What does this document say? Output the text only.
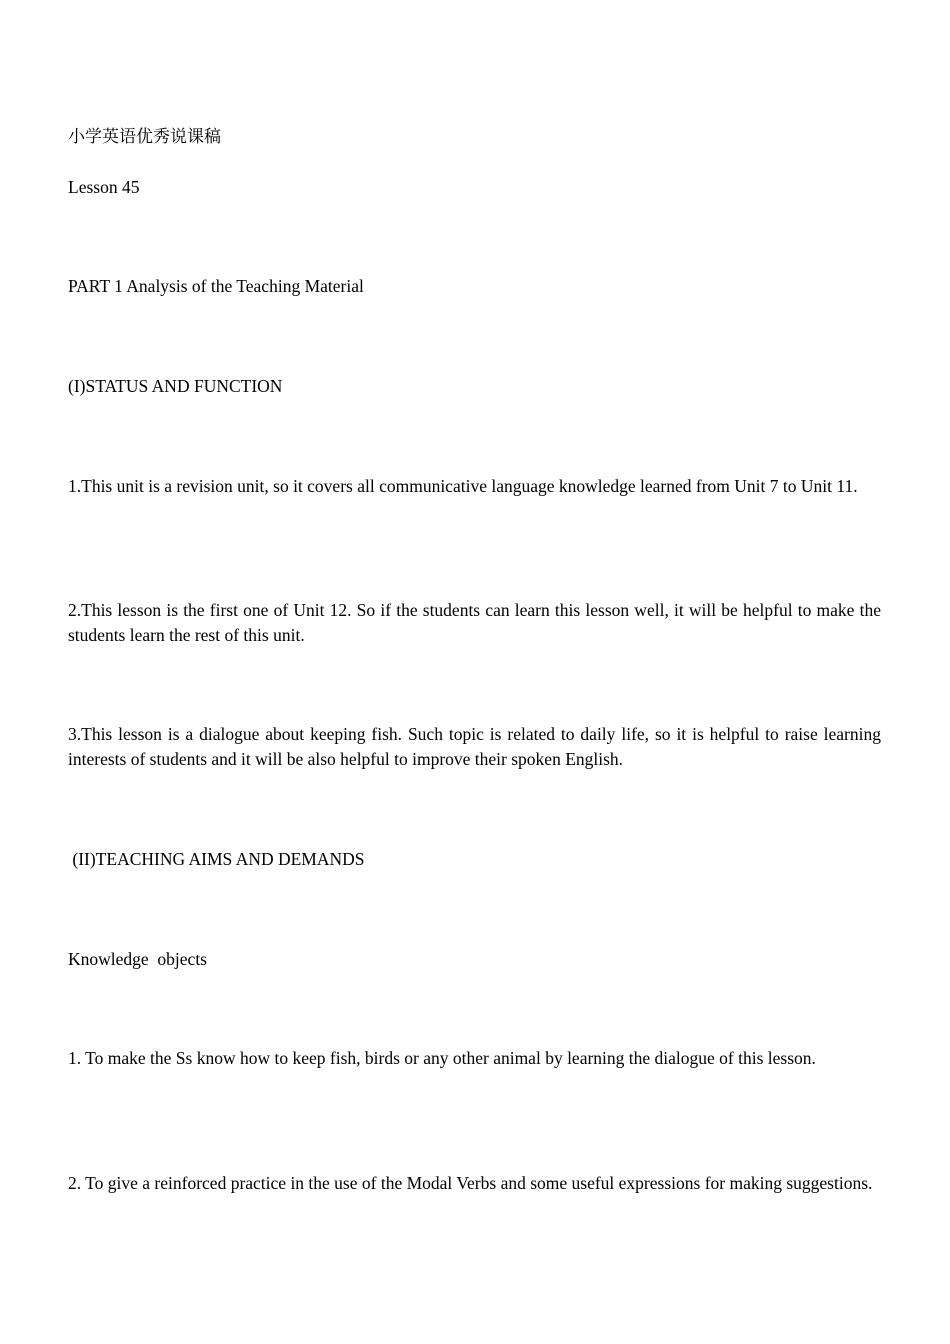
小学英语优秀说课稿

Lesson 45

PART 1 Analysis of the Teaching Material

(I)STATUS AND FUNCTION

1.This unit is a revision unit, so it covers all communicative language knowledge learned from Unit 7 to Unit 11.

2.This lesson is the first one of Unit 12. So if the students can learn this lesson well, it will be helpful to make the students learn the rest of this unit.

3.This lesson is a dialogue about keeping fish. Such topic is related to daily life, so it is helpful to raise learning interests of students and it will be also helpful to improve their spoken English.

(II)TEACHING AIMS AND DEMANDS

Knowledge  objects

1. To make the Ss know how to keep fish, birds or any other animal by learning the dialogue of this lesson.

2. To give a reinforced practice in the use of the Modal Verbs and some useful expressions for making suggestions.
